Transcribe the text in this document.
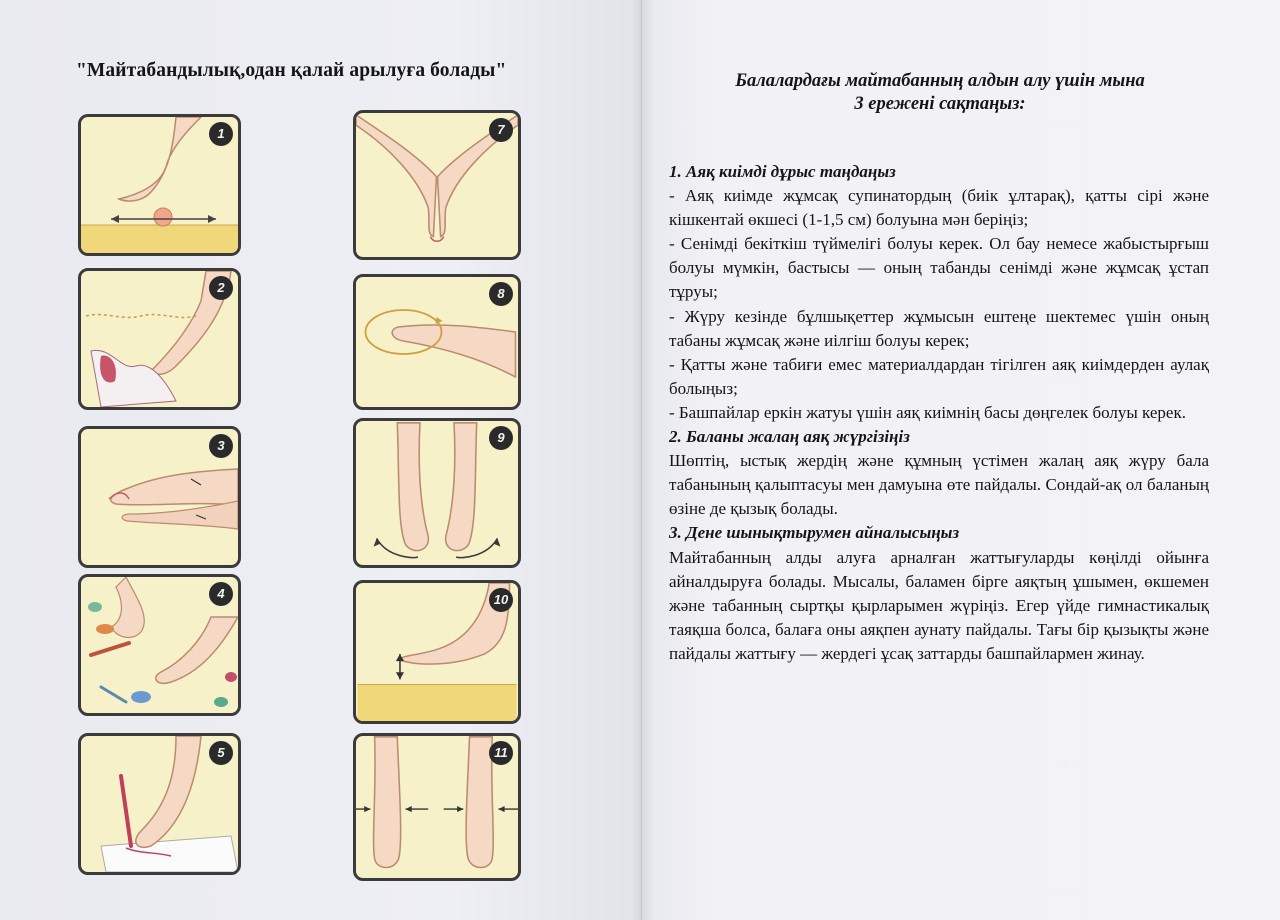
"Майтабандылық,одан қалай арылуға болады"
1
2
3
4
5
7
8
9
10
11
Балалардағы майтабанның алдын алу үшін мына
3 ережені сақтаңыз:

1. Аяқ киімді дұрыс таңдаңыз

- Аяқ киімде жұмсақ супинатордың (биік ұлтарақ), қатты сірі және кішкентай өкшесі (1-1,5 см) болуына мән беріңіз;

- Сенімді бекіткіш түймелігі болуы керек. Ол бау немесе жабыстырғыш болуы мүмкін, бастысы — оның табанды сенімді және жұмсақ ұстап тұруы;

- Жүру кезінде бұлшықеттер жұмысын ештеңе шектемес үшін оның табаны жұмсақ және иілгіш болуы керек;

- Қатты және табиғи емес материалдардан тігілген аяқ киімдерден аулақ болыңыз;

- Башпайлар еркін жатуы үшін аяқ киімнің басы дөңгелек болуы керек.

2. Баланы жалаң аяқ жүргізіңіз

Шөптің, ыстық жердің және құмның үстімен жалаң аяқ жүру бала табанының қалыптасуы мен дамуына өте пайдалы. Сондай-ақ ол баланың өзіне де қызық болады.

3. Дене шынықтырумен айналысыңыз

Майтабанның алды алуға арналған жаттығуларды көңілді ойынға айналдыруға болады. Мысалы, баламен бірге аяқтың ұшымен, өкшемен және табанның сыртқы қырларымен жүріңіз. Егер үйде гимнастикалық таяқша болса, балаға оны аяқпен аунату пайдалы. Тағы бір қызықты және пайдалы жаттығу — жердегі ұсақ заттарды башпайлармен жинау.
